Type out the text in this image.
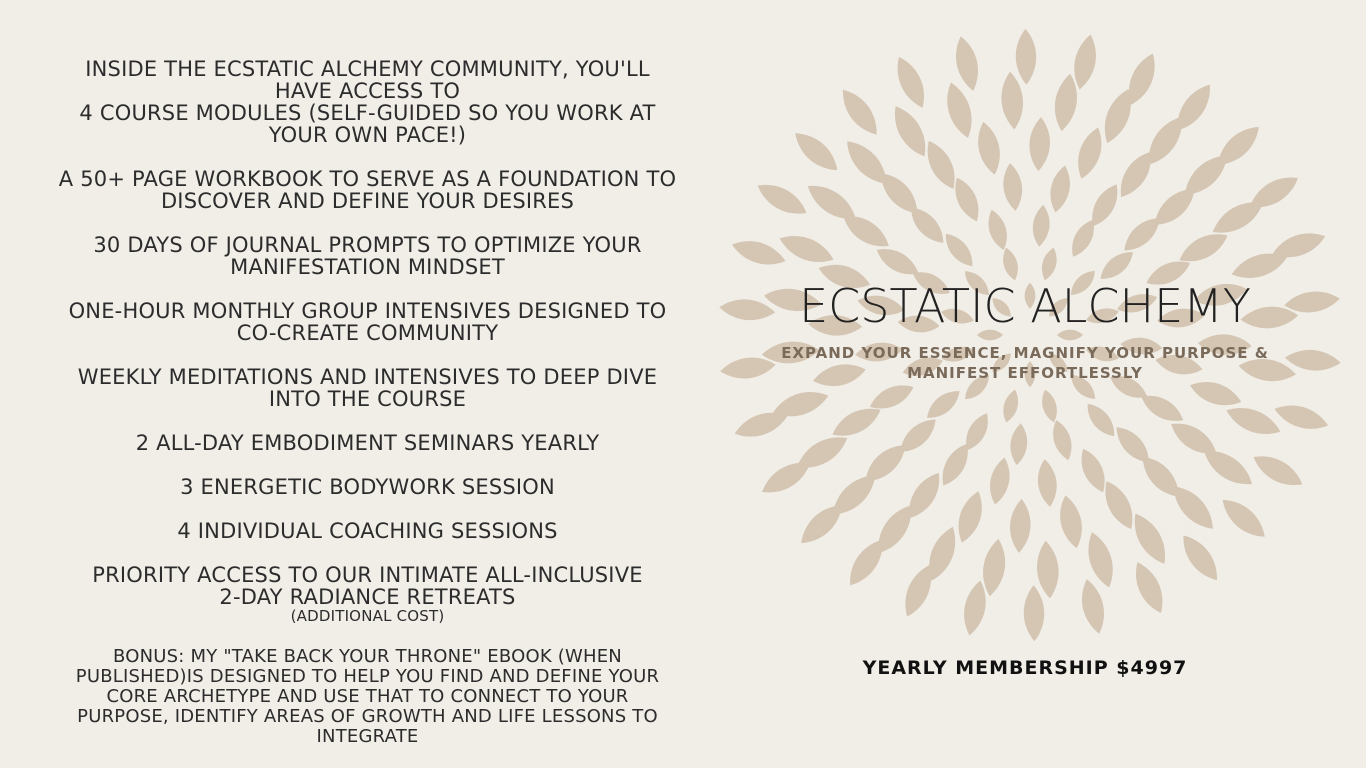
INSIDE THE ECSTATIC ALCHEMY COMMUNITY, YOU'LL
HAVE ACCESS TO
4 COURSE MODULES (SELF-GUIDED SO YOU WORK AT
YOUR OWN PACE!)
A 50+ PAGE WORKBOOK TO SERVE AS A FOUNDATION TO
DISCOVER AND DEFINE YOUR DESIRES
30 DAYS OF JOURNAL PROMPTS TO OPTIMIZE YOUR
MANIFESTATION MINDSET
ONE-HOUR MONTHLY GROUP INTENSIVES DESIGNED TO
CO-CREATE COMMUNITY
WEEKLY MEDITATIONS AND INTENSIVES TO DEEP DIVE
INTO THE COURSE
2 ALL-DAY EMBODIMENT SEMINARS YEARLY
3 ENERGETIC BODYWORK SESSION
4 INDIVIDUAL COACHING SESSIONS
PRIORITY ACCESS TO OUR INTIMATE ALL-INCLUSIVE
2-DAY RADIANCE RETREATS
(ADDITIONAL COST)
BONUS: MY "TAKE BACK YOUR THRONE" EBOOK (WHEN
PUBLISHED)IS DESIGNED TO HELP YOU FIND AND DEFINE YOUR
CORE ARCHETYPE AND USE THAT TO CONNECT TO YOUR
PURPOSE, IDENTIFY AREAS OF GROWTH AND LIFE LESSONS TO
INTEGRATE
ECSTATIC ALCHEMY
EXPAND YOUR ESSENCE, MAGNIFY YOUR PURPOSE &
MANIFEST EFFORTLESSLY
YEARLY MEMBERSHIP $4997
